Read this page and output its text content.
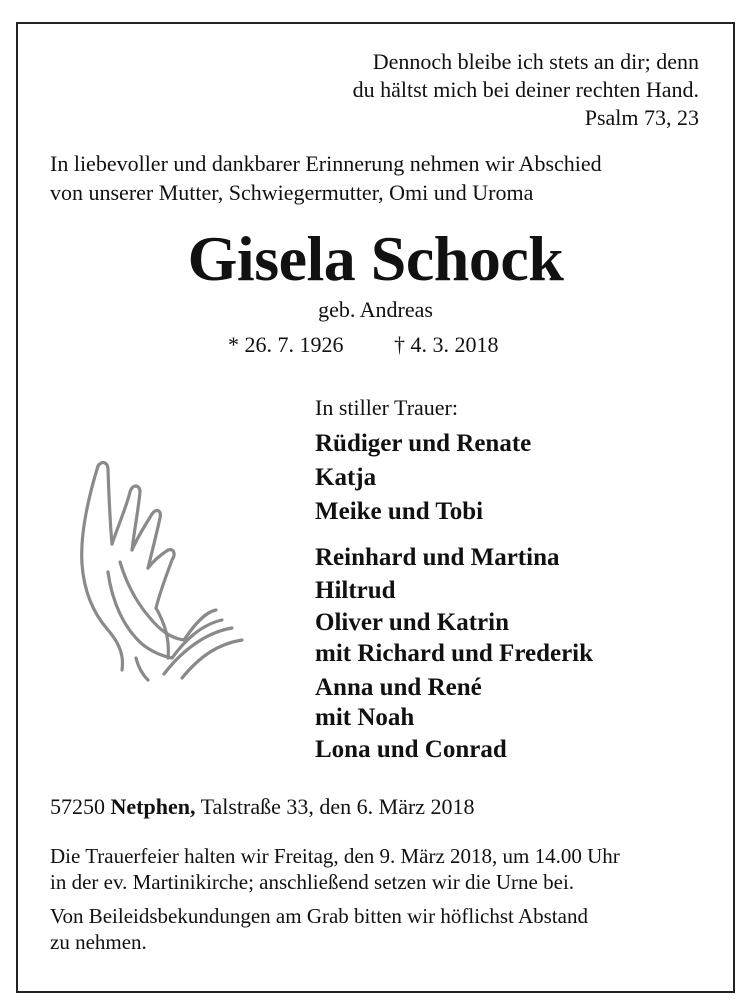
Dennoch bleibe ich stets an dir; denn
du hältst mich bei deiner rechten Hand.
Psalm 73, 23
In liebevoller und dankbarer Erinnerung nehmen wir Abschied
von unserer Mutter, Schwiegermutter, Omi und Uroma
Gisela Schock
geb. Andreas
* 26. 7. 1926 † 4. 3. 2018
In stiller Trauer:
Rüdiger und Renate
Katja
Meike und Tobi
Reinhard und Martina
Hiltrud
Oliver und Katrin
mit Richard und Frederik
Anna und René
mit Noah
Lona und Conrad
57250 Netphen, Talstraße 33, den 6. März 2018
Die Trauerfeier halten wir Freitag, den 9. März 2018, um 14.00 Uhr
in der ev. Martinikirche; anschließend setzen wir die Urne bei.
Von Beileidsbekundungen am Grab bitten wir höflichst Abstand
zu nehmen.
